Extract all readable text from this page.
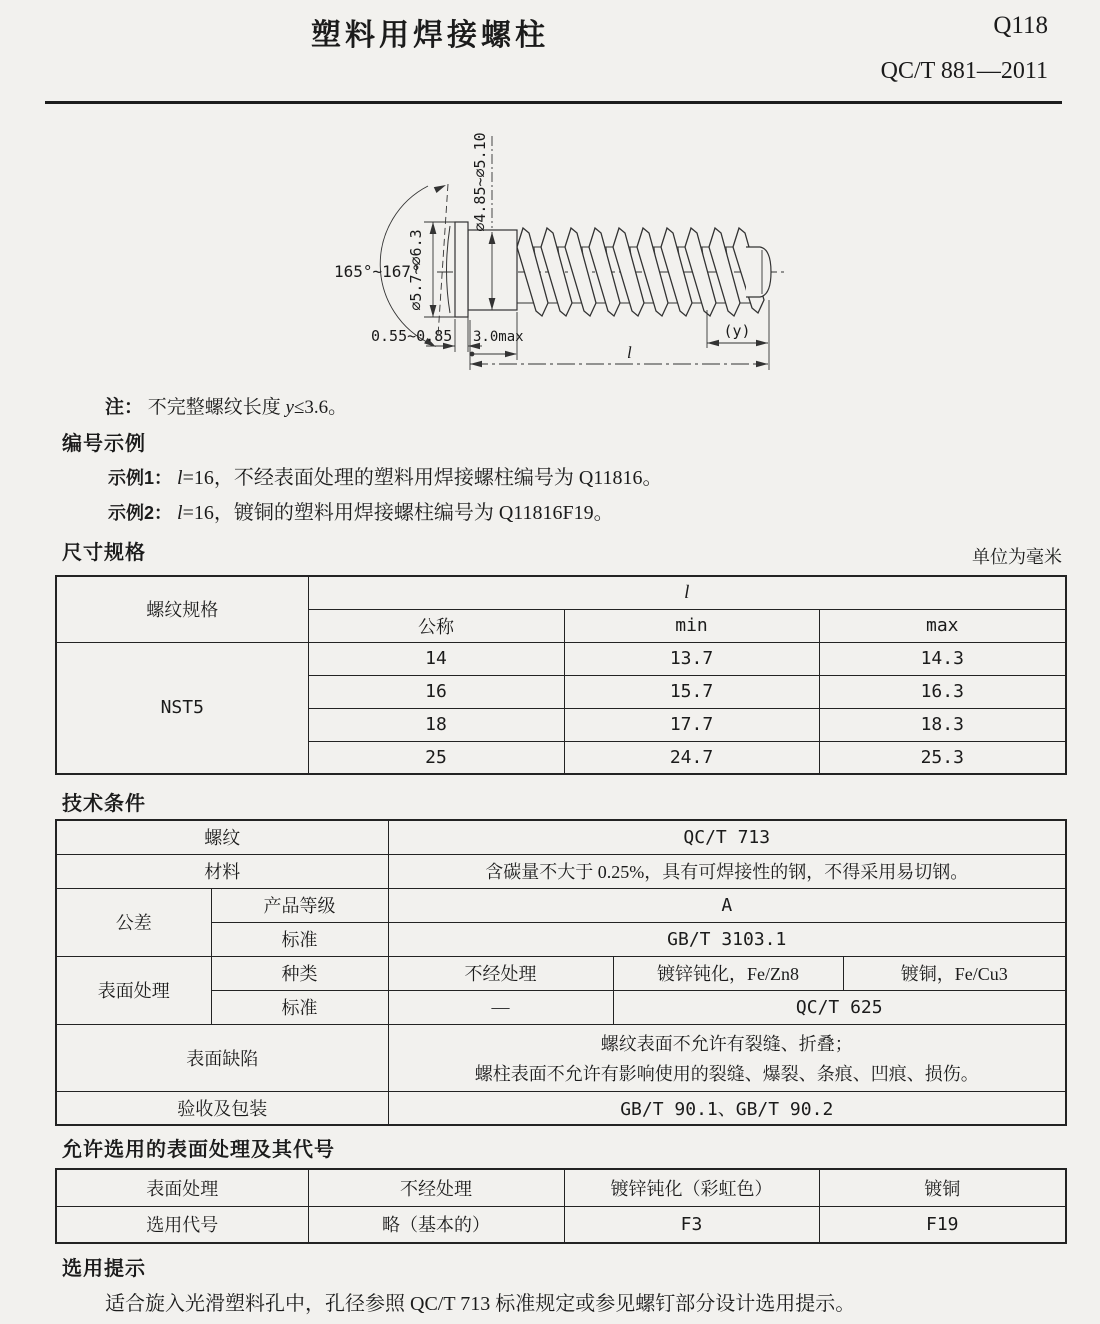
塑料用焊接螺柱	Q118
QC/T 881—2011
165°~167°
∅5.7~∅6.3
∅4.85~∅5.10
0.55~0.85 3.0max	(y)
l
注： 不完整螺纹长度 y≤3.6。
编号示例
示例1： l=16，不经表面处理的塑料用焊接螺柱编号为 Q11816。
示例2： l=16，镀铜的塑料用焊接螺柱编号为 Q11816F19。
尺寸规格	单位为毫米
螺纹规格	l		
	公称	min	max
NST5	14	13.7	14.3
	16	15.7	16.3
	18	17.7	18.3
	25	24.7	25.3
技术条件
螺纹		QC/T 713		
材料		含碳量不大于 0.25%，具有可焊接性的钢，不得采用易切钢。		
公差	产品等级	A		
	标准	GB/T 3103.1		
表面处理	种类	不经处理	镀锌钝化，Fe/Zn8	镀铜，Fe/Cu3
	标准	—	QC/T 625	
表面缺陷		螺纹表面不允许有裂缝、折叠；
螺柱表面不允许有影响使用的裂缝、爆裂、条痕、凹痕、损伤。		

验收及包装		GB/T 90.1、GB/T 90.2		
允许选用的表面处理及其代号
表面处理	不经处理	镀锌钝化（彩虹色）	镀铜
选用代号	略（基本的）	F3	F19
选用提示
适合旋入光滑塑料孔中，孔径参照 QC/T 713 标准规定或参见螺钉部分设计选用提示。
